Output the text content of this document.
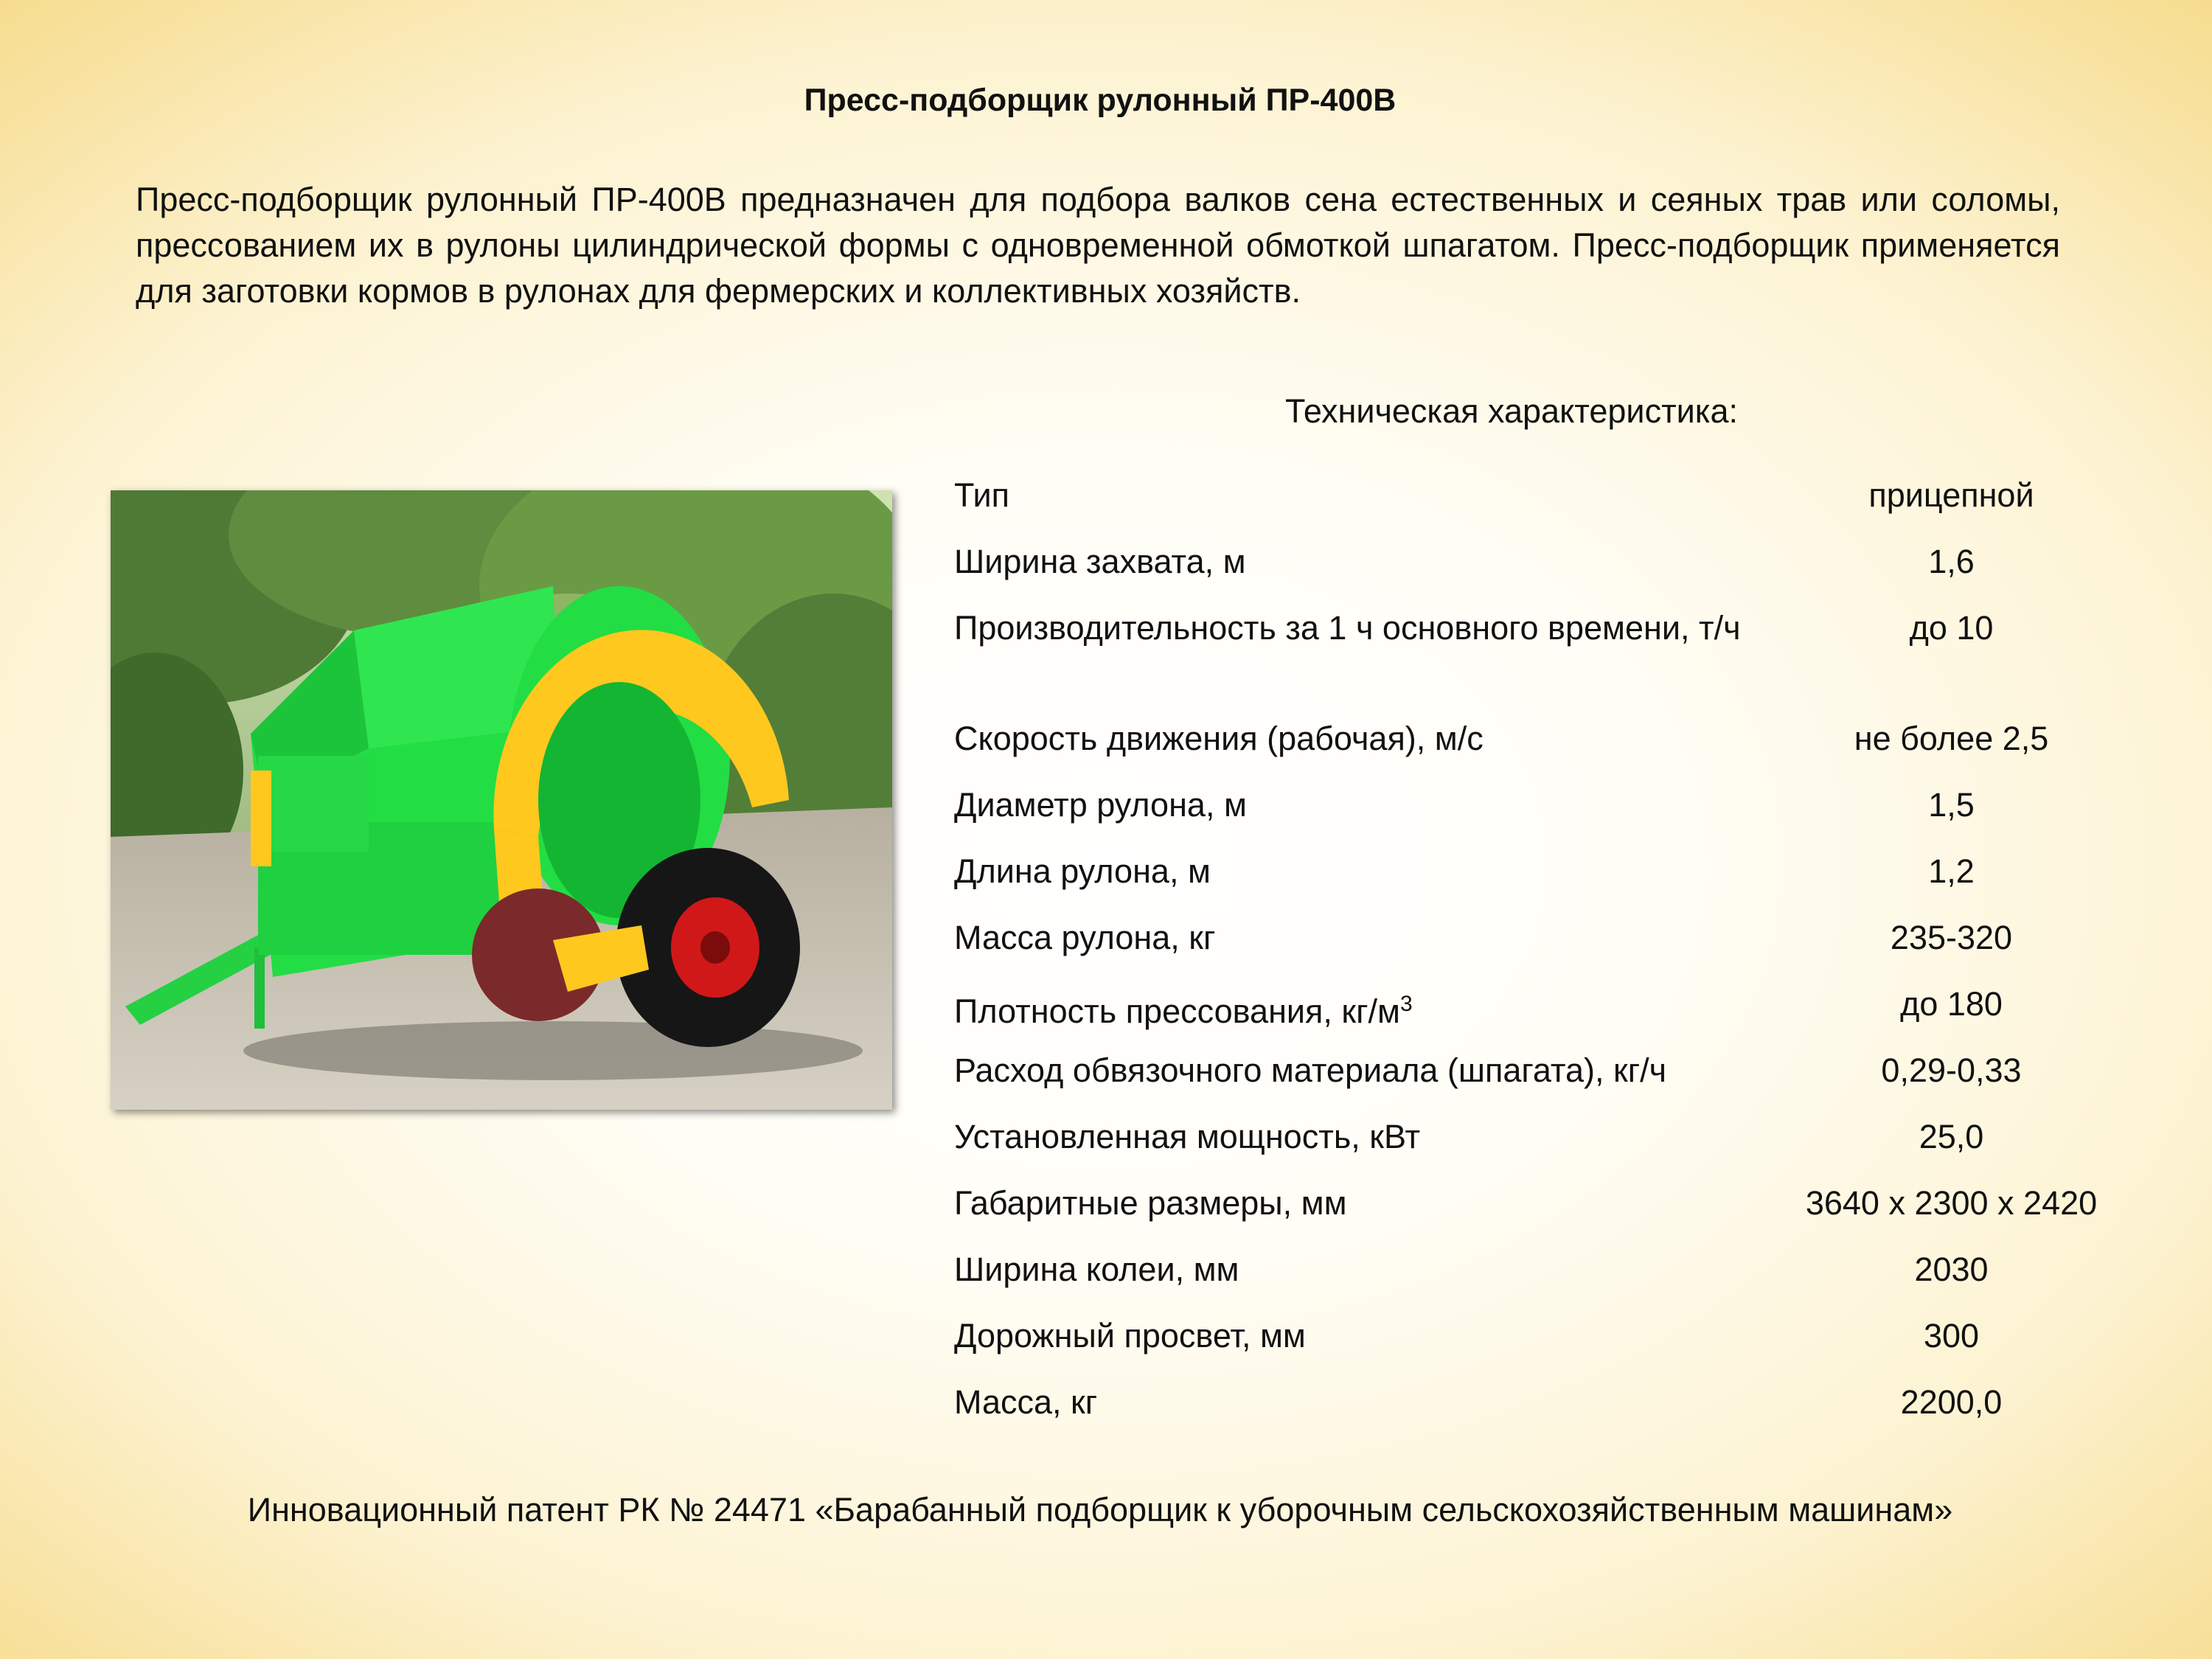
Пресс-подборщик рулонный ПР-400В
Пресс-подборщик рулонный ПР-400В предназначен для подбора валков сена естественных и сеяных трав или соломы, прессованием их в рулоны цилиндрической формы с одновременной обмоткой шпагатом. Пресс-подборщик применяется для заготовки кормов в рулонах для фермерских и коллективных хозяйств.
Техническая характеристика:
Тип	прицепной
Ширина захвата, м	1,6
Производительность за 1 ч основного времени, т/ч	до 10
Скорость движения (рабочая), м/с	не более 2,5
Диаметр рулона, м	1,5
Длина рулона, м	1,2
Масса рулона, кг	235-320
Плотность прессования, $кг/м^3$	до 180
Расход обвязочного материала (шпагата), кг/ч	0,29-0,33
Установленная мощность, кВт	25,0
Габаритные размеры, мм	3640 х 2300 х 2420
Ширина колеи, мм	2030
Дорожный просвет, мм	300
Масса, кг	2200,0
Инновационный патент РК № 24471 «Барабанный подборщик к уборочным сельскохозяйственным машинам»
